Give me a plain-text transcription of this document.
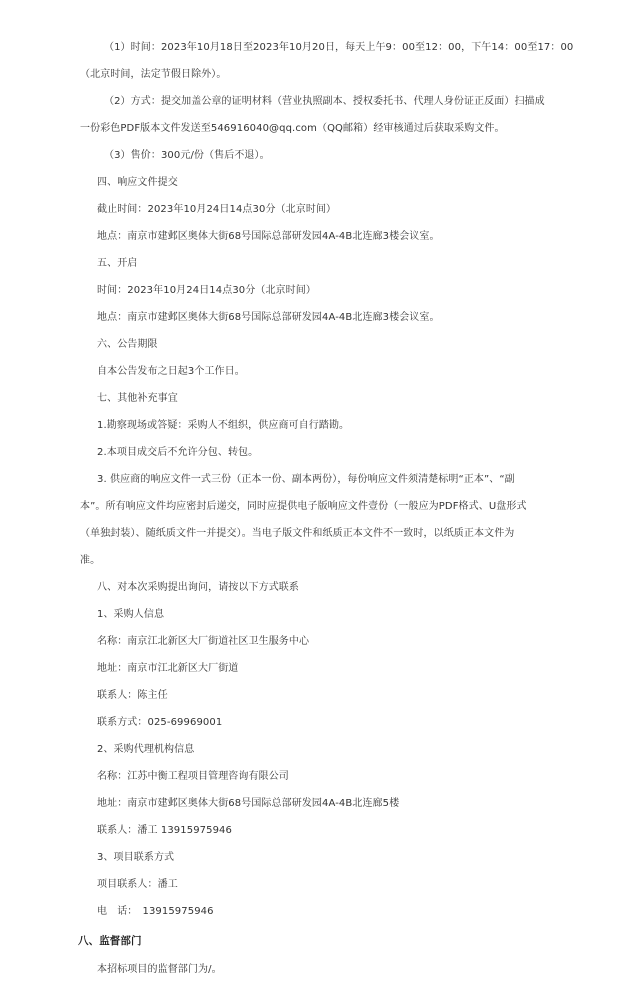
（1）时间：2023年10月18日至2023年10月20日，每天上午9：00至12：00，下午14：00至17：00
（北京时间，法定节假日除外）。
（2）方式：提交加盖公章的证明材料（营业执照副本、授权委托书、代理人身份证正反面）扫描成
一份彩色PDF版本文件发送至546916040@qq.com（QQ邮箱）经审核通过后获取采购文件。
（3）售价：300元/份（售后不退）。
四、响应文件提交
截止时间：2023年10月24日14点30分（北京时间）
地点：南京市建邺区奥体大街68号国际总部研发园4A-4B北连廊3楼会议室。
五、开启
时间：2023年10月24日14点30分（北京时间）
地点：南京市建邺区奥体大街68号国际总部研发园4A-4B北连廊3楼会议室。
六、公告期限
自本公告发布之日起3个工作日。
七、其他补充事宜
1.勘察现场或答疑：采购人不组织，供应商可自行踏勘。
2.本项目成交后不允许分包、转包。
3. 供应商的响应文件一式三份（正本一份、副本两份），每份响应文件须清楚标明“正本”、“副
本”。所有响应文件均应密封后递交，同时应提供电子版响应文件壹份（一般应为PDF格式、U盘形式
（单独封装）、随纸质文件一并提交）。当电子版文件和纸质正本文件不一致时，以纸质正本文件为
准。
八、对本次采购提出询问，请按以下方式联系
1、采购人信息
名称：南京江北新区大厂街道社区卫生服务中心
地址：南京市江北新区大厂街道
联系人：陈主任
联系方式：025-69969001
2、采购代理机构信息
名称：江苏中衡工程项目管理咨询有限公司
地址：南京市建邺区奥体大街68号国际总部研发园4A-4B北连廊5楼
联系人：潘工 13915975946
3、项目联系方式
项目联系人：潘工
电　话：　13915975946
八、监督部门
本招标项目的监督部门为/。
